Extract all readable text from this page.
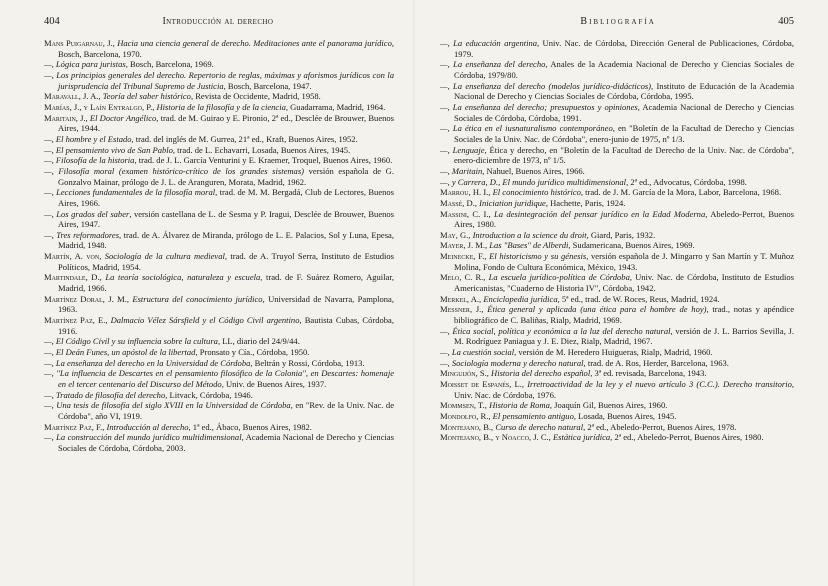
404	Introducción al derecho

Mans Puigarnau, J., Hacia una ciencia general de derecho. Meditaciones ante el panorama jurídico, Bosch, Barcelona, 1970.

—, Lógica para juristas, Bosch, Barcelona, 1969.

—, Los principios generales del derecho. Repertorio de reglas, máximas y aforismos jurídicos con la jurisprudencia del Tribunal Supremo de Justicia, Bosch, Barcelona, 1947.

Maravall, J. A., Teoría del saber histórico, Revista de Occidente, Madrid, 1958.

Marías, J., y Laín Entralgo, P., Historia de la filosofía y de la ciencia, Guadarrama, Madrid, 1964.

Maritain, J., El Doctor Angélico, trad. de M. Guirao y E. Pironio, 2ª ed., Desclée de Brouwer, Buenos Aires, 1944.

—, El hombre y el Estado, trad. del inglés de M. Gurrea, 21ª ed., Kraft, Buenos Aires, 1952.

—, El pensamiento vivo de San Pablo, trad. de L. Echavarri, Losada, Buenos Aires, 1945.

—, Filosofía de la historia, trad. de J. L. García Venturini y E. Kraemer, Troquel, Buenos Aires, 1960.

—, Filosofía moral (examen histórico-crítico de los grandes sistemas) versión española de G. Gonzalvo Mainar, prólogo de J. L. de Aranguren, Morata, Madrid, 1962.

—, Lecciones fundamentales de la filosofía moral, trad. de M. M. Bergadá, Club de Lectores, Buenos Aires, 1966.

—, Los grados del saber, versión castellana de L. de Sesma y P. Iragui, Desclée de Brouwer, Buenos Aires, 1947.

—, Tres reformadores, trad. de A. Álvarez de Miranda, prólogo de L. E. Palacios, Sol y Luna, Epesa, Madrid, 1948.

Martín, A. von, Sociología de la cultura medieval, trad. de A. Truyol Serra, Instituto de Estudios Políticos, Madrid, 1954.

Martindale, D., La teoría sociológica, naturaleza y escuela, trad. de F. Suárez Romero, Aguilar, Madrid, 1966.

Martínez Doral, J. M., Estructura del conocimiento jurídico, Universidad de Navarra, Pamplona, 1963.

Martínez Paz, E., Dalmacio Vélez Sársfield y el Código Civil argentino, Bautista Cubas, Córdoba, 1916.

—, El Código Civil y su influencia sobre la cultura, LL, diario del 24/9/44.

—, El Deán Funes, un apóstol de la libertad, Pronsato y Cía., Córdoba, 1950.

—, La enseñanza del derecho en la Universidad de Córdoba, Beltrán y Rossi, Córdoba, 1913.

—, "La influencia de Descartes en el pensamiento filosófico de la Colonia", en Descartes: homenaje en el tercer centenario del Discurso del Método, Univ. de Buenos Aires, 1937.

—, Tratado de filosofía del derecho, Litvack, Córdoba, 1946.

—, Una tesis de filosofía del siglo XVIII en la Universidad de Córdoba, en "Rev. de la Univ. Nac. de Córdoba", año VI, 1919.

Martínez Paz, F., Introducción al derecho, 1ª ed., Ábaco, Buenos Aires, 1982.

—, La construcción del mundo jurídico multidimensional, Academia Nacional de Derecho y Ciencias Sociales de Córdoba, Córdoba, 2003.

Bibliografía	405

—, La educación argentina, Univ. Nac. de Córdoba, Dirección General de Publicaciones, Córdoba, 1979.

—, La enseñanza del derecho, Anales de la Academia Nacional de Derecho y Ciencias Sociales de Córdoba, 1979/80.

—, La enseñanza del derecho (modelos jurídico-didácticos), Instituto de Educación de la Academia Nacional de Derecho y Ciencias Sociales de Córdoba, Córdoba, 1995.

—, La enseñanza del derecho; presupuestos y opiniones, Academia Nacional de Derecho y Ciencias Sociales de Córdoba, Córdoba, 1991.

—, La ética en el iusnaturalismo contemporáneo, en "Boletín de la Facultad de Derecho y Ciencias Sociales de la Univ. Nac. de Córdoba", enero-junio de 1975, nº 1/3.

—, Lenguaje, Ética y derecho, en "Boletín de la Facultad de Derecho de la Univ. Nac. de Córdoba", enero-diciembre de 1973, nº 1/5.

—, Maritain, Nahuel, Buenos Aires, 1966.

—, y Carrera, D., El mundo jurídico multidimensional, 2ª ed., Advocatus, Córdoba, 1998.

Marrou, H. I., El conocimiento histórico, trad. de J. M. García de la Mora, Labor, Barcelona, 1968.

Massé, D., Iniciation juridique, Hachette, Paris, 1924.

Massini, C. I., La desintegración del pensar jurídico en la Edad Moderna, Abeledo-Perrot, Buenos Aires, 1980.

May, G., Introduction a la science du droit, Giard, Paris, 1932.

Mayer, J. M., Las "Bases" de Alberdi, Sudamericana, Buenos Aires, 1969.

Meinecke, F., El historicismo y su génesis, versión española de J. Mingarro y San Martín y T. Muñoz Molina, Fondo de Cultura Económica, México, 1943.

Melo, C. R., La escuela jurídico-política de Córdoba, Univ. Nac. de Córdoba, Instituto de Estudios Americanistas, "Cuaderno de Historia IV", Córdoba, 1942.

Merkel, A., Enciclopedia jurídica, 5ª ed., trad. de W. Roces, Reus, Madrid, 1924.

Messner, J., Ética general y aplicada (una ética para el hombre de hoy), trad., notas y apéndice bibliográfico de C. Baliñas, Rialp, Madrid, 1969.

—, Ética social, política y económica a la luz del derecho natural, versión de J. L. Barrios Sevilla, J. M. Rodríguez Paniagua y J. E. Diez, Rialp, Madrid, 1967.

—, La cuestión social, versión de M. Heredero Huigueras, Rialp, Madrid, 1960.

—, Sociología moderna y derecho natural, trad. de A. Ros, Herder, Barcelona, 1963.

Minguijón, S., Historia del derecho español, 3ª ed. revisada, Barcelona, 1943.

Moisset de Espanés, L., Irretroactividad de la ley y el nuevo artículo 3 (C.C.). Derecho transitorio, Univ. Nac. de Córdoba, 1976.

Mommsen, T., Historia de Roma, Joaquín Gil, Buenos Aires, 1960.

Mondolfo, R., El pensamiento antiguo, Losada, Buenos Aires, 1945.

Montejano, B., Curso de derecho natural, 2ª ed., Abeledo-Perrot, Buenos Aires, 1978.

Montejano, B., y Noacco, J. C., Estática jurídica, 2ª ed., Abeledo-Perrot, Buenos Aires, 1980.
